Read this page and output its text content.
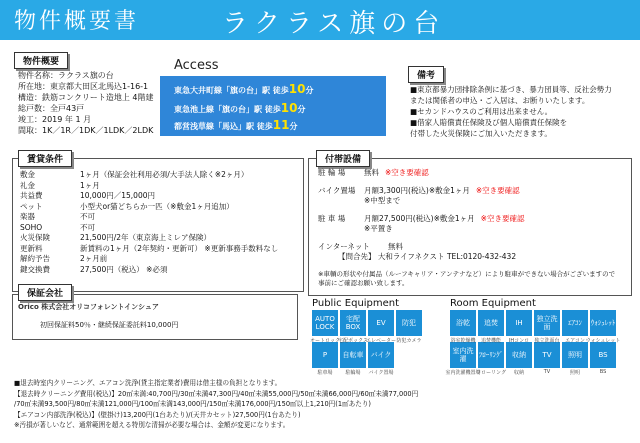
物件概要書	ラクラス旗の台
物件概要
物件名称：ラクラス旗の台
所在地：東京都大田区北馬込1-16-1
構造：鉄筋コンクリート造地上 4階建
総戸数：全戸43戸
竣工：2019 年 1 月
間取：1K／1R／1DK／1LDK／2LDK
Access
東急大井町線「旗の台」駅 徒歩10分
東急池上線「旗の台」駅 徒歩10分
都営浅草線「馬込」駅 徒歩11分
備考
■東京都暴力団排除条例に基づき、暴力団員等、反社会勢力
または関係者の申込・ご入居は、お断りいたします。
■セカンドハウスのご利用は出来ません。
■借家人賠償責任保険及び個人賠償責任保険を
付帯した火災保険にご加入いただきます。
賃貸条件
敷金	1ヶ月（保証会社利用必須/大手法人除く※2ヶ月）
礼金	1ヶ月
共益費	10,000円／15,000円
ペット	小型犬or猫どちらか一匹（※敷金1ヶ月追加）
楽器	不可
SOHO	不可
火災保険	21,500円/2年（東京海上ミレア保険）
更新料	新賃料の1ヶ月（2年契約・更新可） ※更新事務手数料なし
解約予告	2ヶ月前
鍵交換費	27,500円（税込） ※必須
付帯設備
駐 輪 場	無料 ※空き要確認
バイク置場	月額3,300円(税込)※敷金1ヶ月 ※空き要確認
※中型まで
駐 車 場	月額27,500円(税込)※敷金1ヶ月 ※空き要確認
※平置き
インターネット	無料
【問合先】 大和ライフネクスト TEL:0120-432-432
※車輌の形状や付属品（ルーフキャリア・アンテナなど）により駐車ができない場合がございますので
事前にご確認お願い致します。
保証会社
Orico 株式会社オリコフォレントインシュア
初回保証料50％・継続保証委託料10,000円
Public Equipment	Room Equipment
AUTO LOCK
宅配BOX	EV	防犯
P	自転車	バイク
浴乾	追焚	IH	独立洗面	ｴｱｺﾝ	ｳｫｼｭﾚｯﾄ
室内洗濯	ﾌﾛｰﾘﾝｸﾞ	収納	TV	照明	BS
オートロック
宅配ボックス
エレベーター 防犯カメラ
駐車場	駐輪場	バイク置場
浴室乾燥機	追焚機能	IHコンロ	独立洗面台	エアコン ウォシュレット
室内洗濯機置場
フローリング	収納	TV	照明	BS
■退去時室内クリーニング、エアコン洗浄(貸主指定業者)費用は借主様の負担となります。
【退去時クリーニング費用(税込)】20㎡未満:40,700円/30㎡未満47,300円/40㎡未満55,000円/50㎡未満66,000円/60㎡未満77,000円
/70㎡未満93,500円/80㎡未満121,000円/100㎡未満143,000円/150㎡未満176,000円/150㎡以上1,210円(1㎡あたり)
【エアコン内部洗浄(税込)】(壁掛け)13,200円(1台あたり)/(天井カセット)27,500円(1台あたり)
※汚損が著しいなど、通常範囲を超える特別な清掃が必要な場合は、金額が変更になります。
